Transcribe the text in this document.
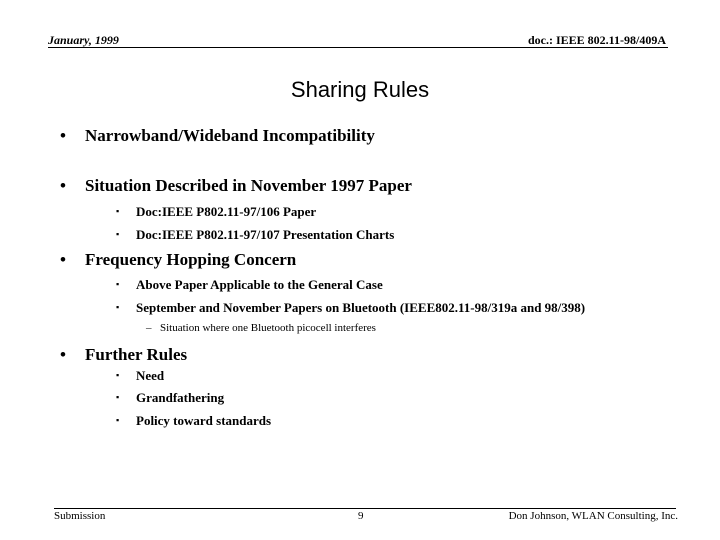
January, 1999	doc.: IEEE 802.11-98/409A
Sharing Rules
• Narrowband/Wideband Incompatibility
• Situation Described in November 1997 Paper
▪ Doc:IEEE P802.11-97/106 Paper
▪ Doc:IEEE P802.11-97/107 Presentation Charts
• Frequency Hopping Concern
▪ Above Paper Applicable to the General Case
▪ September and November Papers on Bluetooth (IEEE802.11-98/319a and 98/398)
– Situation where one Bluetooth picocell interferes
• Further Rules
▪ Need
▪ Grandfathering
▪ Policy toward standards
Submission	9	Don Johnson, WLAN Consulting, Inc.
